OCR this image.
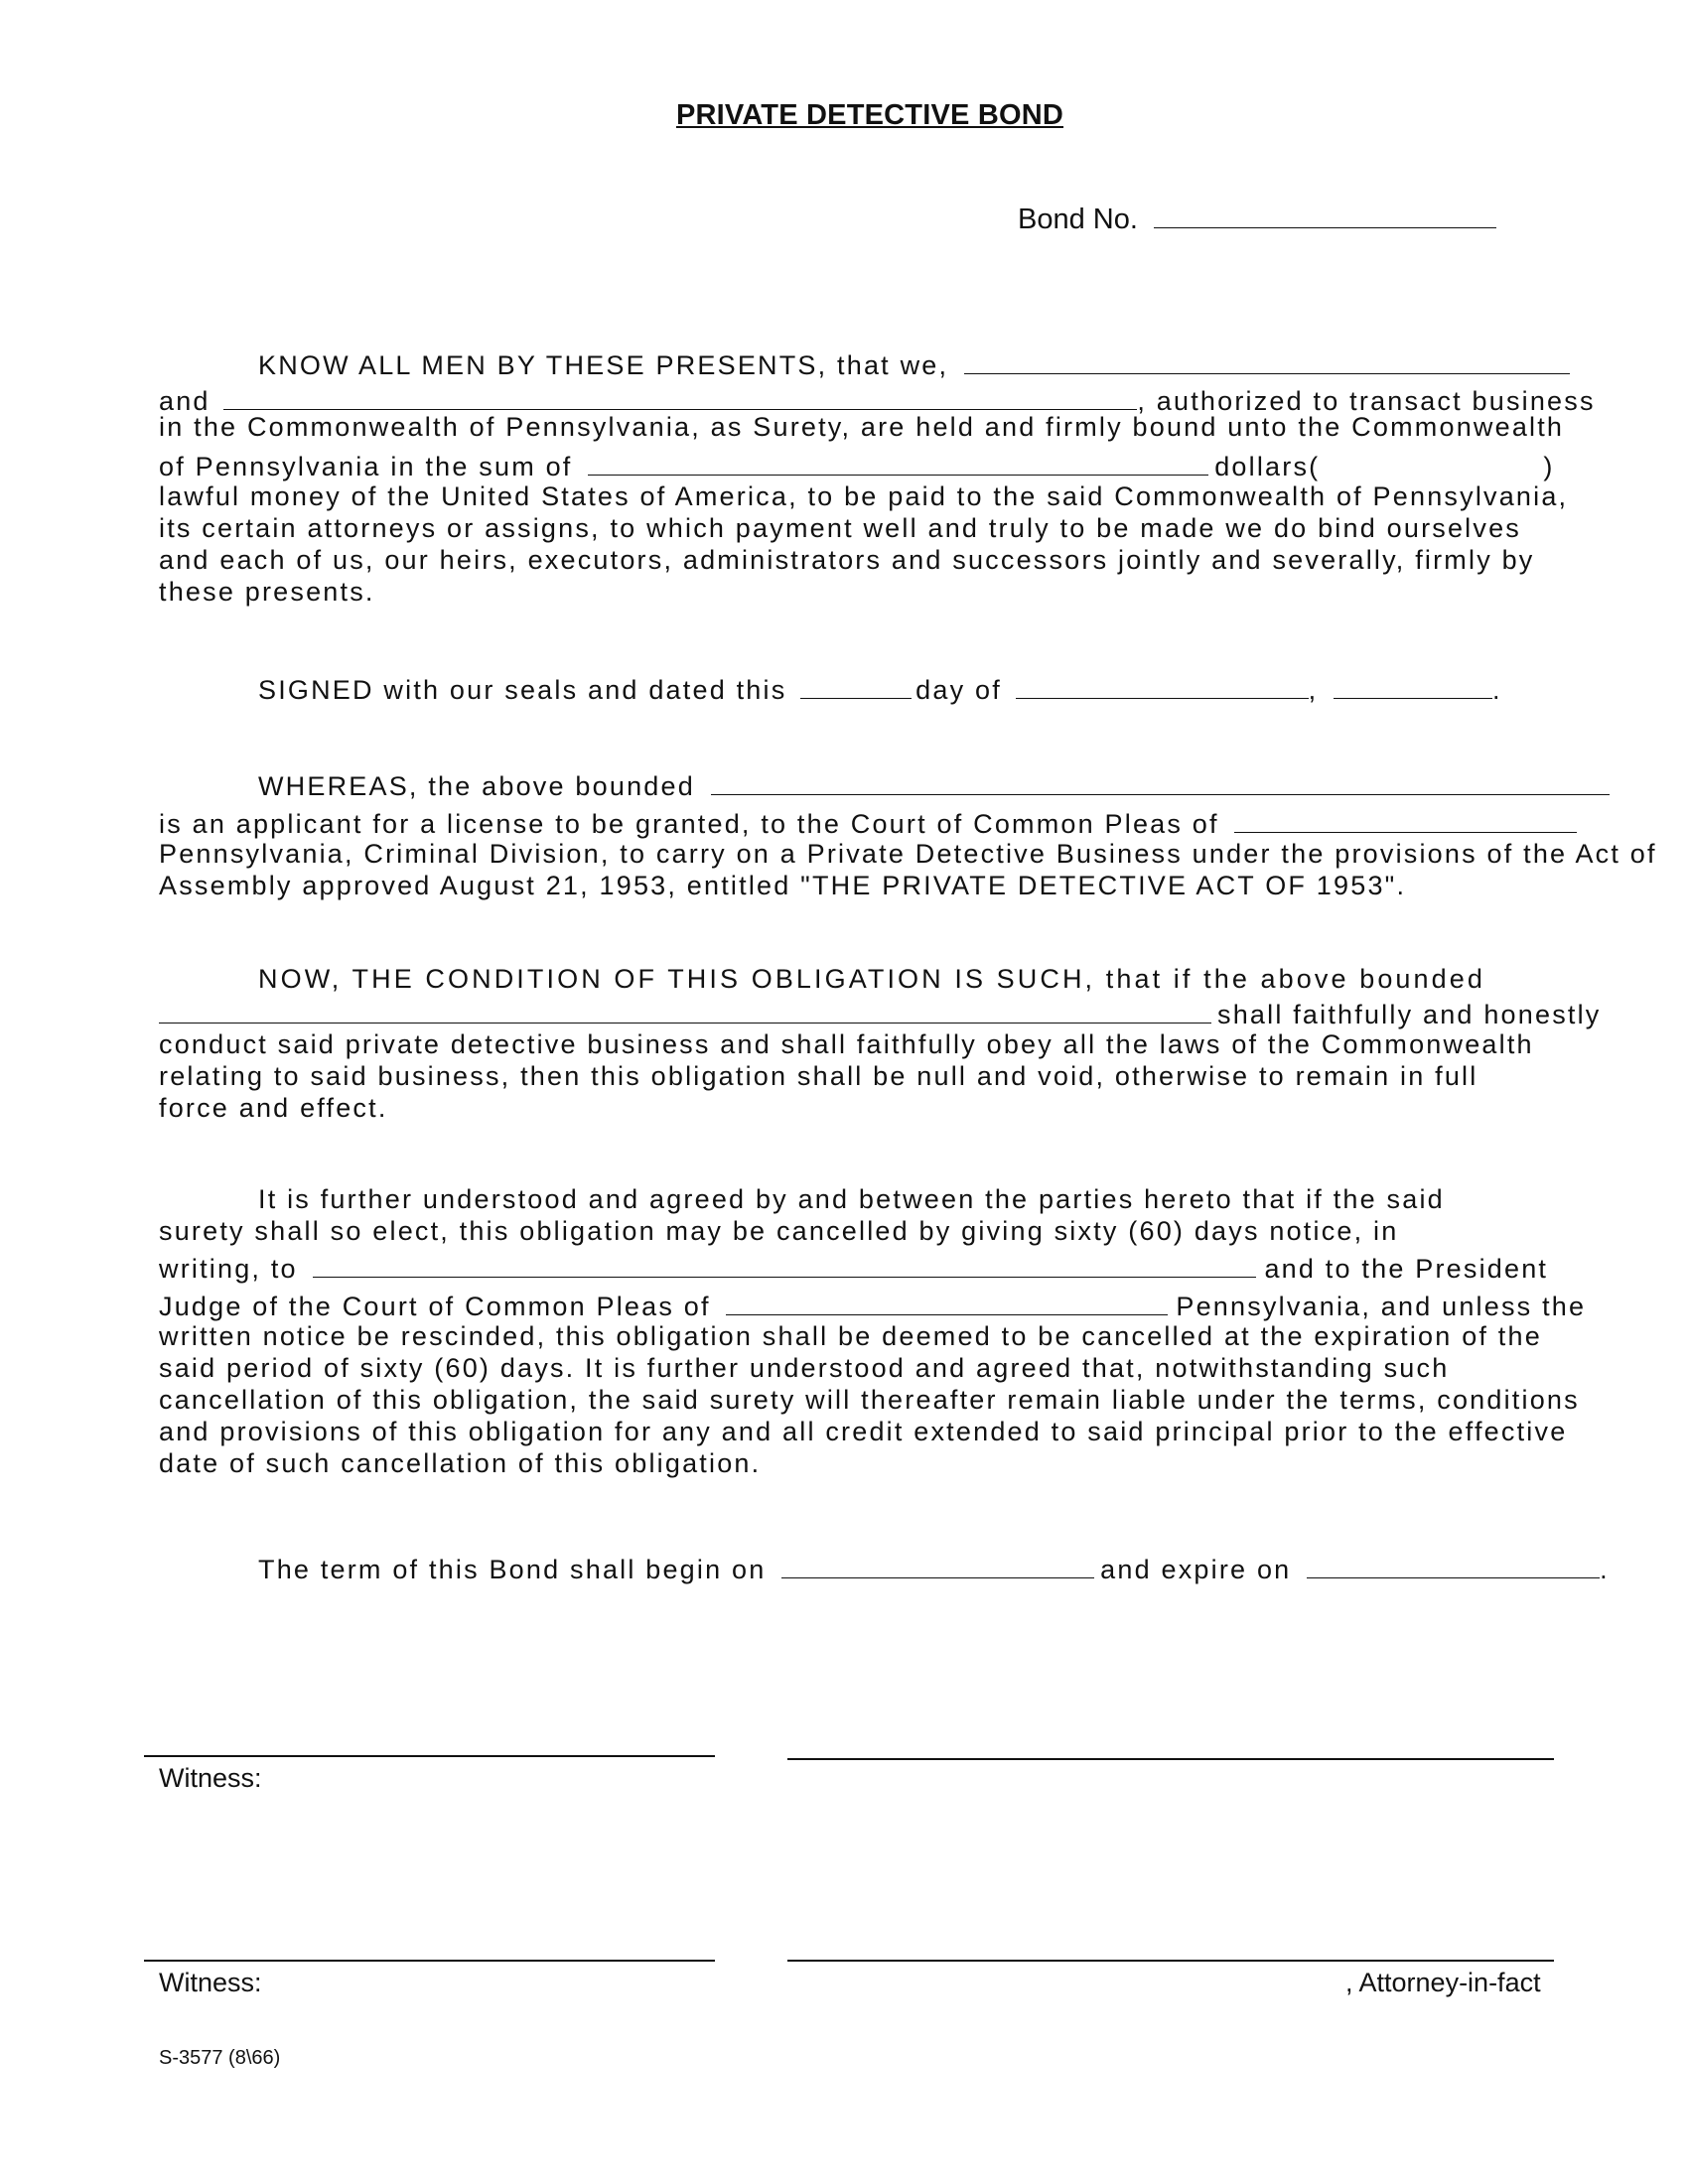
PRIVATE DETECTIVE BOND
Bond No.
KNOW ALL MEN BY THESE PRESENTS, that we,
and	, authorized to transact business
in the Commonwealth of Pennsylvania, as Surety, are held and firmly bound unto the Commonwealth
of Pennsylvania in the sum of	dollars(	)
lawful money of the United States of America, to be paid to the said Commonwealth of Pennsylvania,
its certain attorneys or assigns, to which payment well and truly to be made we do bind ourselves
and each of us, our heirs, executors, administrators and successors jointly and severally, firmly by
these presents.
SIGNED with our seals and dated this	day of	,	.
WHEREAS, the above bounded
is an applicant for a license to be granted, to the Court of Common Pleas of
Pennsylvania, Criminal Division, to carry on a Private Detective Business under the provisions of the Act of
Assembly approved August 21, 1953, entitled "THE PRIVATE DETECTIVE ACT OF 1953".
NOW, THE CONDITION OF THIS OBLIGATION IS SUCH, that if the above bounded
shall faithfully and honestly
conduct said private detective business and shall faithfully obey all the laws of the Commonwealth
relating to said business, then this obligation shall be null and void, otherwise to remain in full
force and effect.
It is further understood and agreed by and between the parties hereto that if the said
surety shall so elect, this obligation may be cancelled by giving sixty (60) days notice, in
writing, to	and to the President
Judge of the Court of Common Pleas of	Pennsylvania, and unless the
written notice be rescinded, this obligation shall be deemed to be cancelled at the expiration of the
said period of sixty (60) days. It is further understood and agreed that, notwithstanding such
cancellation of this obligation, the said surety will thereafter remain liable under the terms, conditions
and provisions of this obligation for any and all credit extended to said principal prior to the effective
date of such cancellation of this obligation.
The term of this Bond shall begin on	and expire on	.
Witness:
Witness:	, Attorney-in-fact
S-3577 (8\66)
